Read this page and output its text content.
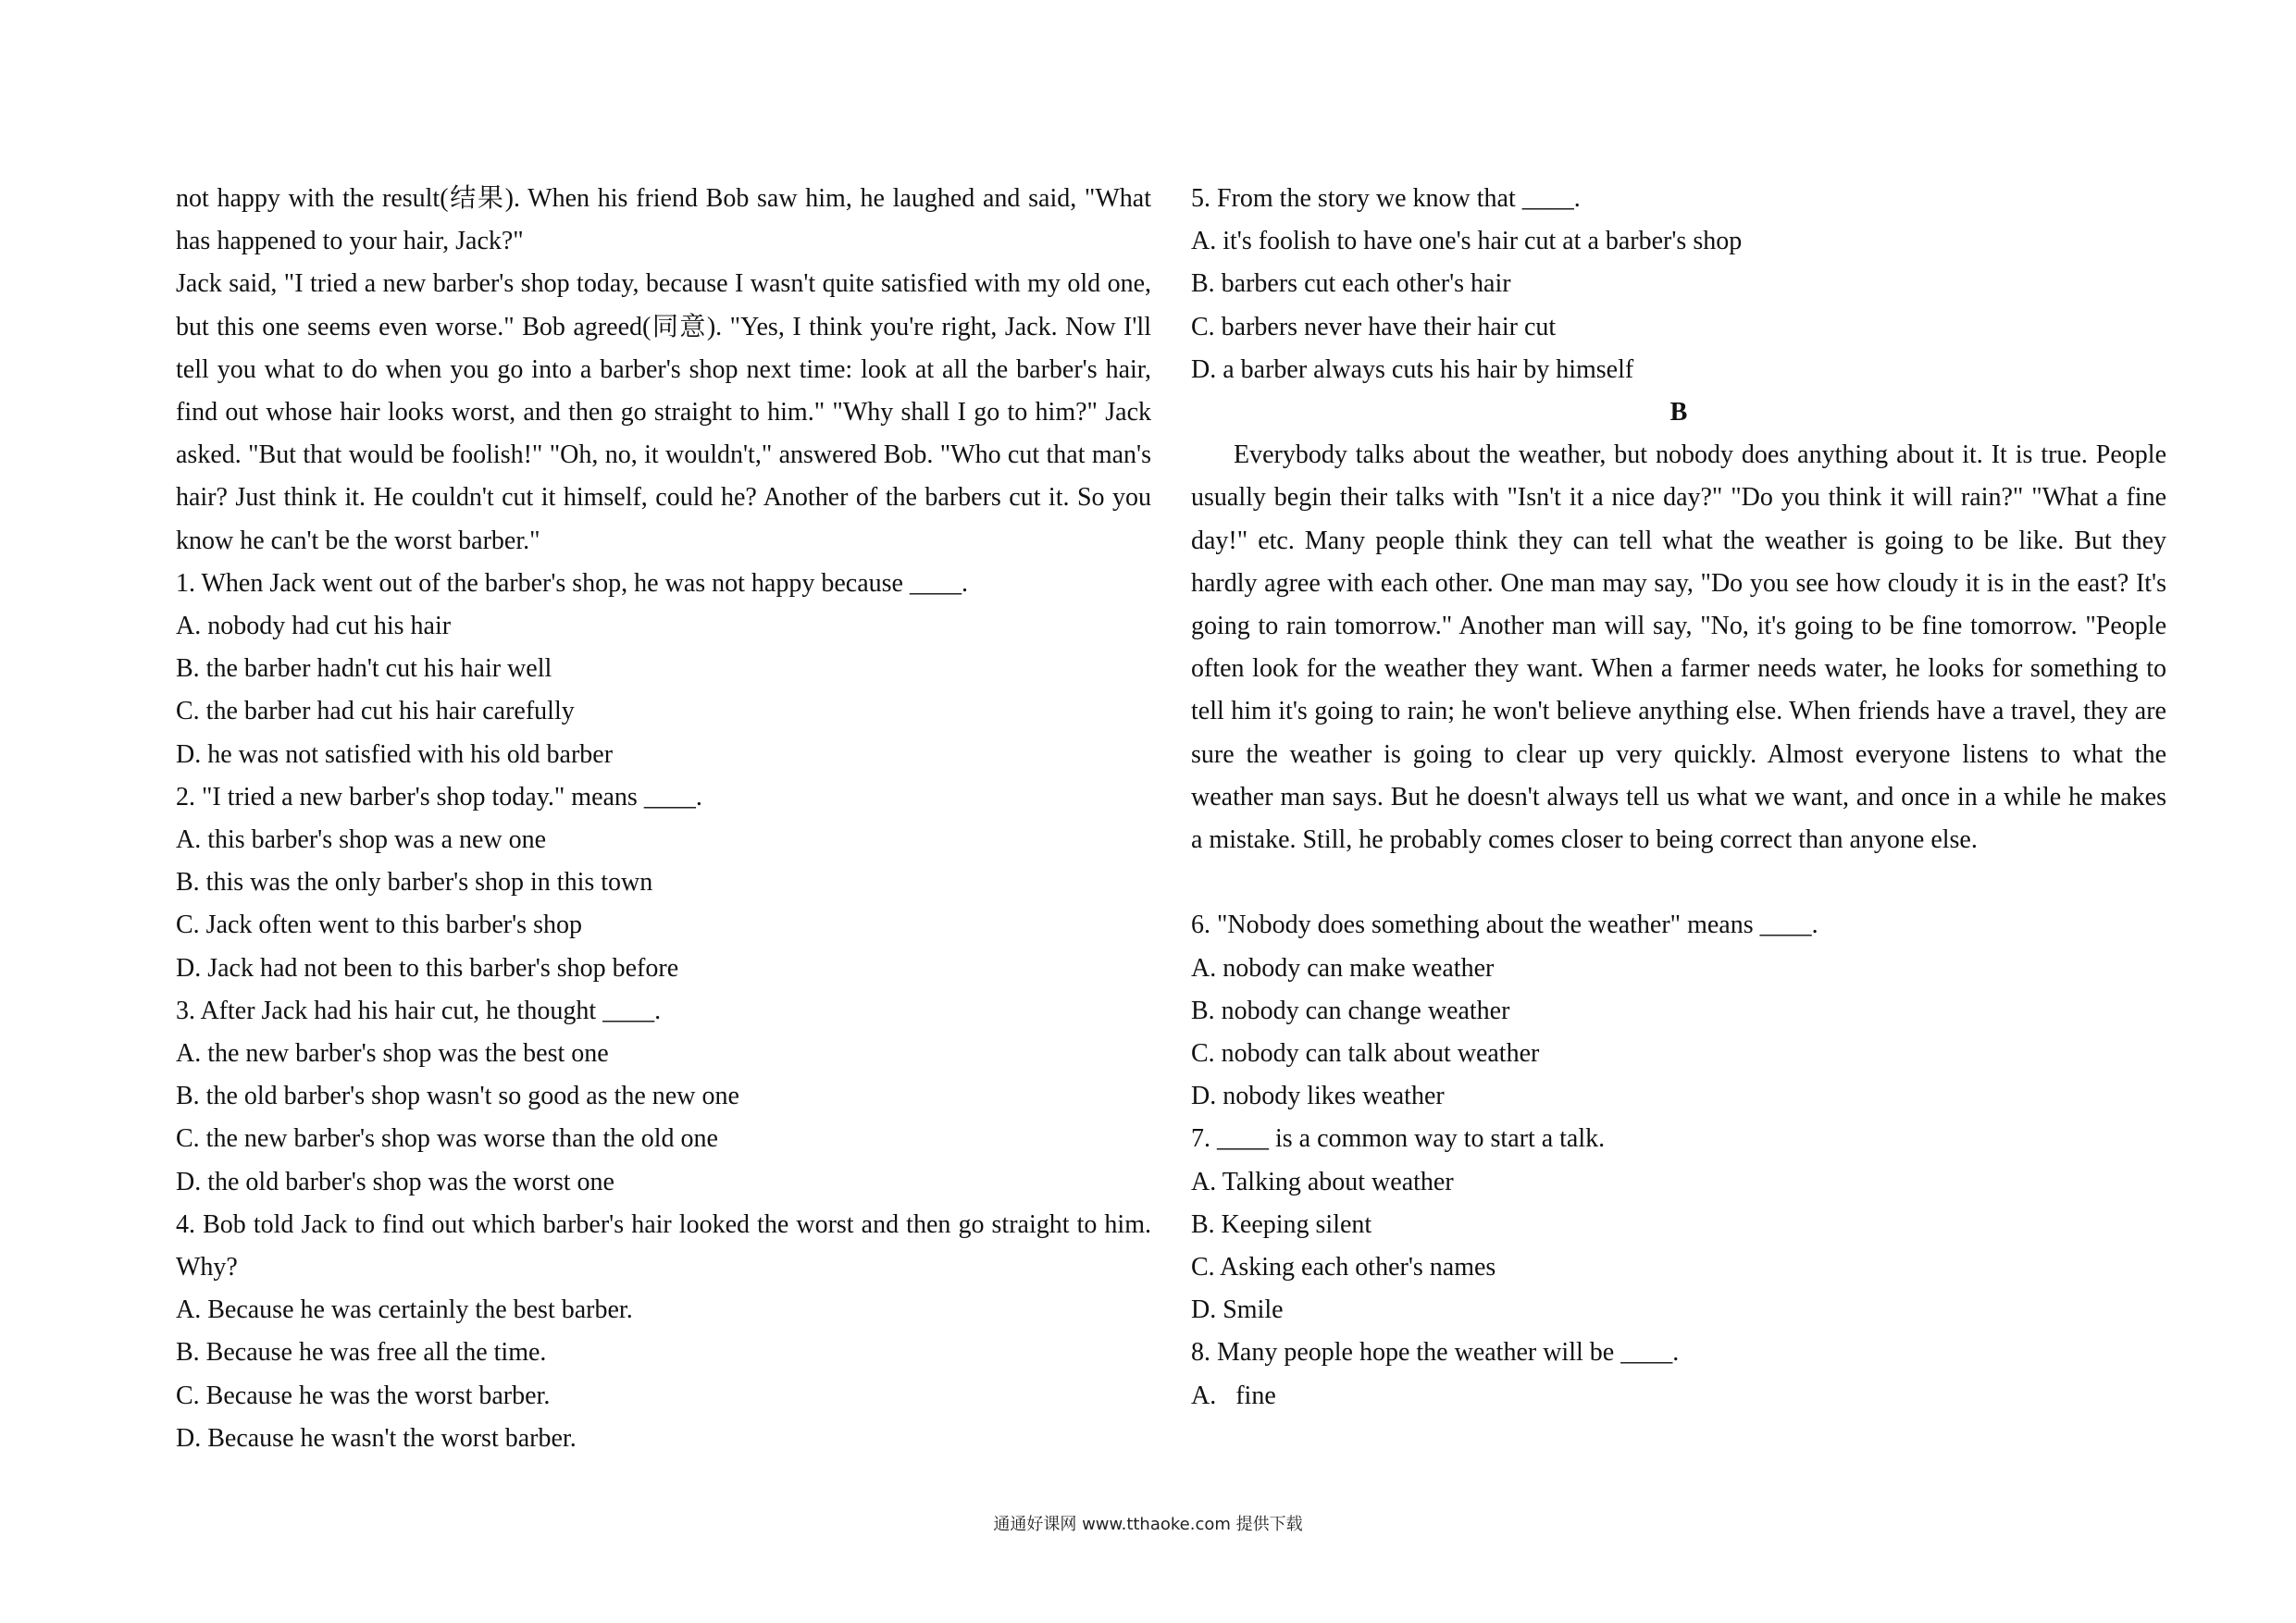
not happy with the result(结果). When his friend Bob saw him, he laughed and said, "What has happened to your hair, Jack?"

Jack said, "I tried a new barber's shop today, because I wasn't quite satisfied with my old one, but this one seems even worse." Bob agreed(同意). "Yes, I think you're right, Jack. Now I'll tell you what to do when you go into a barber's shop next time: look at all the barber's hair, find out whose hair looks worst, and then go straight to him." "Why shall I go to him?" Jack asked. "But that would be foolish!" "Oh, no, it wouldn't," answered Bob. "Who cut that man's hair? Just think it. He couldn't cut it himself, could he? Another of the barbers cut it. So you know he can't be the worst barber."

1. When Jack went out of the barber's shop, he was not happy because ____.

A. nobody had cut his hair

B. the barber hadn't cut his hair well

C. the barber had cut his hair carefully

D. he was not satisfied with his old barber

2. "I tried a new barber's shop today." means ____.

A. this barber's shop was a new one

B. this was the only barber's shop in this town

C. Jack often went to this barber's shop

D. Jack had not been to this barber's shop before

3. After Jack had his hair cut, he thought ____.

A. the new barber's shop was the best one

B. the old barber's shop wasn't so good as the new one

C. the new barber's shop was worse than the old one

D. the old barber's shop was the worst one

4. Bob told Jack to find out which barber's hair looked the worst and then go straight to him. Why?

A. Because he was certainly the best barber.

B. Because he was free all the time.

C. Because he was the worst barber.

D. Because he wasn't the worst barber.

5. From the story we know that ____.

A. it's foolish to have one's hair cut at a barber's shop

B. barbers cut each other's hair

C. barbers never have their hair cut

D. a barber always cuts his hair by himself

B

Everybody talks about the weather, but nobody does anything about it. It is true. People usually begin their talks with "Isn't it a nice day?" "Do you think it will rain?" "What a fine day!" etc. Many people think they can tell what the weather is going to be like. But they hardly agree with each other. One man may say, "Do you see how cloudy it is in the east? It's going to rain tomorrow." Another man will say, "No, it's going to be fine tomorrow. "People often look for the weather they want. When a farmer needs water, he looks for something to tell him it's going to rain; he won't believe anything else. When friends have a travel, they are sure the weather is going to clear up very quickly. Almost everyone listens to what the weather man says. But he doesn't always tell us what we want, and once in a while he makes a mistake. Still, he probably comes closer to being correct than anyone else.

6. "Nobody does something about the weather" means ____.

A. nobody can make weather

B. nobody can change weather

C. nobody can talk about weather

D. nobody likes weather

7. ____ is a common way to start a talk.

A. Talking about weather

B. Keeping silent

C. Asking each other's names

D. Smile

8. Many people hope the weather will be ____.

A.   fine

通通好课网 www.tthaoke.com 提供下载
